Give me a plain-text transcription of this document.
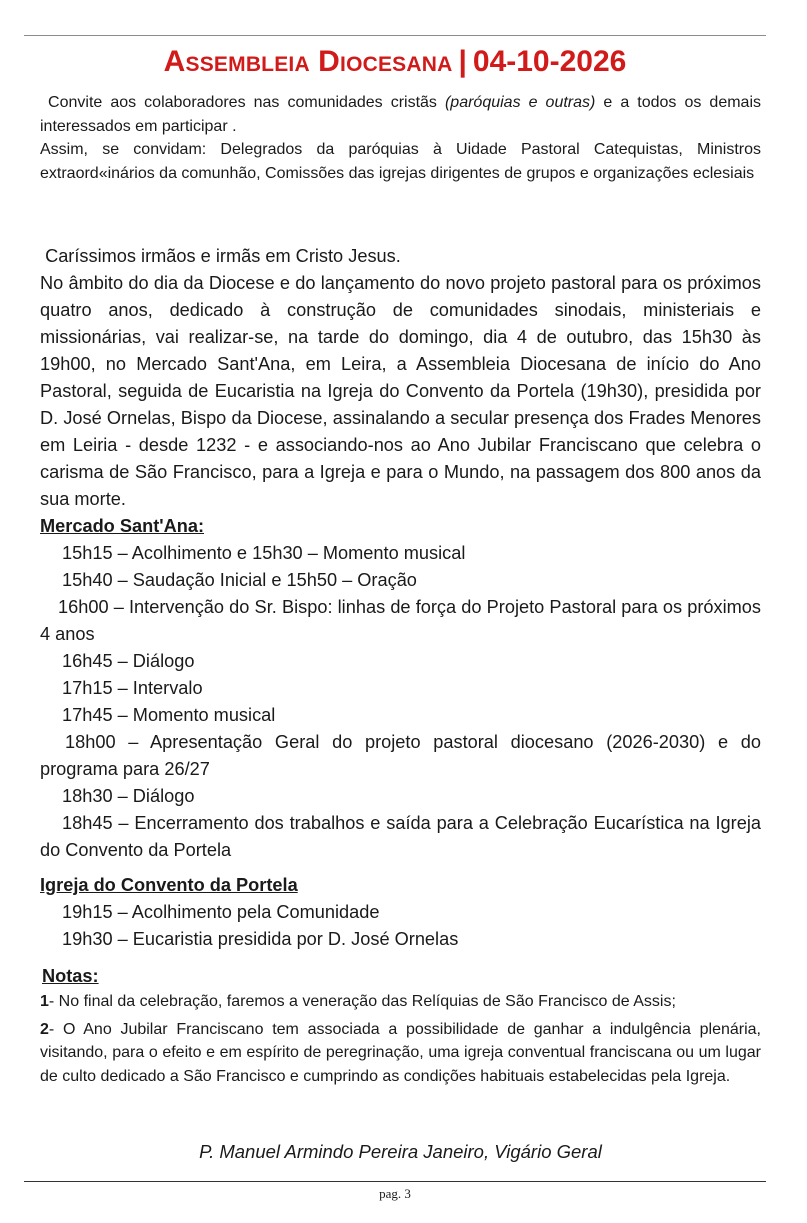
Assembleia Diocesana | 04-10-2026

Convite aos colaboradores nas comunidades cristãs (paróquias e outras) e a todos os demais interessados em participar .

Assim, se convidam: Delegrados da paróquias à Uidade Pastoral Catequistas, Ministros extraord«inários da comunhão, Comissões das igrejas dirigentes de grupos e organizações eclesiais

Caríssimos irmãos e irmãs em Cristo Jesus.

No âmbito do dia da Diocese e do lançamento do novo projeto pastoral para os próximos quatro anos, dedicado à construção de comunidades sinodais, ministeriais e missionárias, vai realizar-se, na tarde do domingo, dia 4 de outubro, das 15h30 às 19h00, no Mercado Sant'Ana, em Leira, a Assembleia Diocesana de início do Ano Pastoral, seguida de Eucaristia na Igreja do Convento da Portela (19h30), presidida por D. José Ornelas, Bispo da Diocese, assinalando a secular presença dos Frades Menores em Leiria - desde 1232 - e associando-nos ao Ano Jubilar Franciscano que celebra o carisma de São Francisco, para a Igreja e para o Mundo, na passagem dos 800 anos da sua morte.

Mercado Sant'Ana:

15h15 – Acolhimento e 15h30 – Momento musical

15h40 – Saudação Inicial e 15h50 – Oração

16h00 – Intervenção do Sr. Bispo: linhas de força do Projeto Pastoral para os próximos 4 anos

16h45 – Diálogo

17h15 – Intervalo

17h45 – Momento musical

18h00 – Apresentação Geral do projeto pastoral diocesano (2026-2030) e do programa para 26/27

18h30 – Diálogo

18h45 – Encerramento dos trabalhos e saída para a Celebração Eucarística na Igreja do Convento da Portela

Igreja do Convento da Portela

19h15 – Acolhimento pela Comunidade

19h30 – Eucaristia presidida por D. José Ornelas

Notas:

1- No final da celebração, faremos a veneração das Relíquias de São Francisco de Assis;

2- O Ano Jubilar Franciscano tem associada a possibilidade de ganhar a indulgência plenária, visitando, para o efeito e em espírito de peregrinação, uma igreja conventual franciscana ou um lugar de culto dedicado a São Francisco e cumprindo as condições habituais estabelecidas pela Igreja.

P. Manuel Armindo Pereira Janeiro, Vigário Geral
pag. 3
